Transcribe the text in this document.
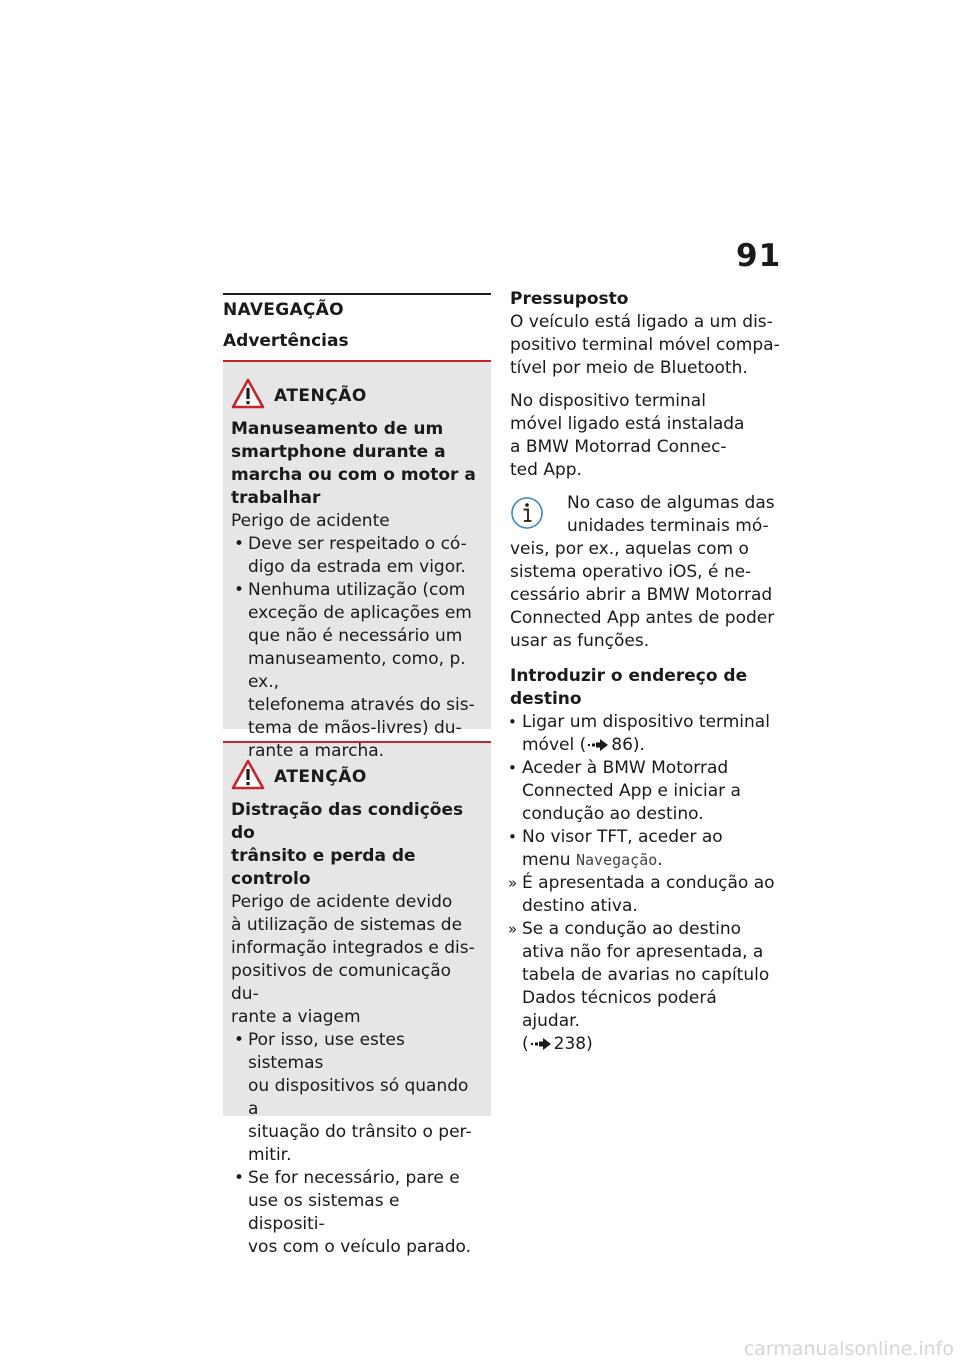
91
NAVEGAÇÃO
Advertências
ATENÇÃO
Manuseamento de um
smartphone durante a
marcha ou com o motor a
trabalhar
Perigo de acidente
• Deve ser respeitado o có-
digo da estrada em vigor.
• Nenhuma utilização (com
exceção de aplicações em
que não é necessário um
manuseamento, como, p. ex.,
telefonema através do sis-
tema de mãos-livres) du-
rante a marcha.
ATENÇÃO
Distração das condições do
trânsito e perda de controlo
Perigo de acidente devido
à utilização de sistemas de
informação integrados e dis-
positivos de comunicação du-
rante a viagem
• Por isso, use estes sistemas
ou dispositivos só quando a
situação do trânsito o per-
mitir.
• Se for necessário, pare e
use os sistemas e dispositi-
vos com o veículo parado.
Pressuposto
O veículo está ligado a um dis-
positivo terminal móvel compa-
tível por meio de Bluetooth.
No dispositivo terminal
móvel ligado está instalada
a BMW Motorrad Connec-
ted App.
No caso de algumas das
unidades terminais mó-
veis, por ex., aquelas com o
sistema operativo iOS, é ne-
cessário abrir a BMW Motorrad
Connected App antes de poder
usar as funções.
Introduzir o endereço de
destino
• Ligar um dispositivo terminal
móvel ( 86).
• Aceder à BMW Motorrad
Connected App e iniciar a
condução ao destino.
• No visor TFT, aceder ao
menu Navegação.
» É apresentada a condução ao
destino ativa.
» Se a condução ao destino
ativa não for apresentada, a
tabela de avarias no capítulo
Dados técnicos poderá ajudar.
( 238)
carmanualsonline.info
